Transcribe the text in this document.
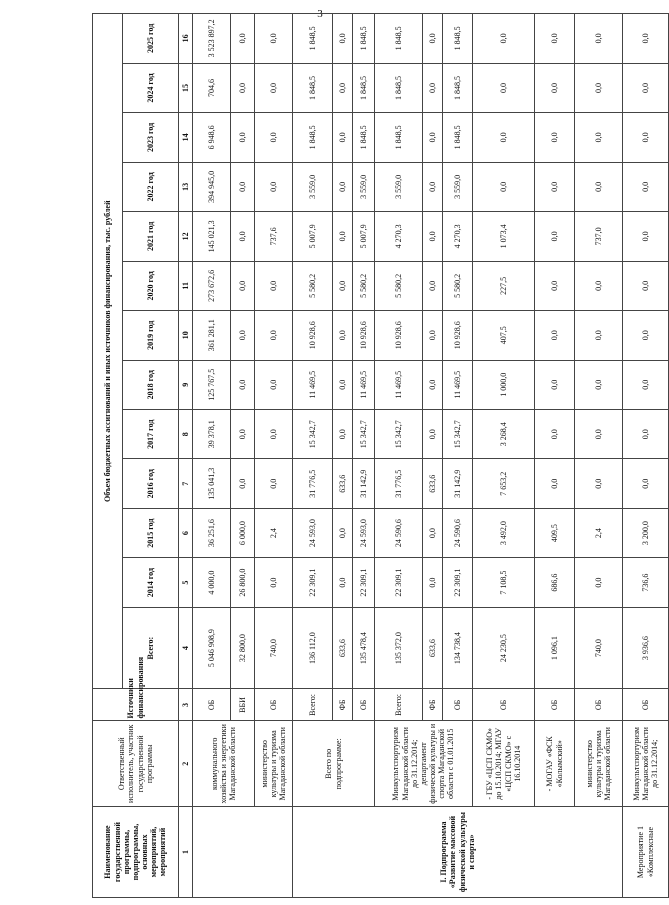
3
Наименование государственной программы, подпрограммы, основных мероприятий, мероприятий	Ответственный исполнитель, участник государственной программы	Источники финансирования	Объем бюджетных ассигнований и иных источников финансирования, тыс. рублей												
			Всего:	2014 год	2015 год	2016 год	2017 год	2018 год	2019 год	2020 год	2021 год	2022 год	2023 год	2024 год	2025 год
1	2	3	4	5	6	7	8	9	10	11	12	13	14	15	16
	коммунального хозяйства и энергетики Магаданской области	ОБ	5 046 908,9	4 000,0	36 251,6	135 041,3	39 378,1	125 767,5	361 281,1	273 672,6	145 021,3	394 945,0	6 948,6	704,6	3 523 897,2
		ВБИ	32 800,0	26 800,0	6 000,0	0,0	0,0	0,0	0,0	0,0	0,0	0,0	0,0	0,0	0,0
	министерство культуры и туризма Магаданской области	ОБ	740,0	0,0	2,4	0,0	0,0	0,0	0,0	0,0	737,6	0,0	0,0	0,0	0,0
I. Подпрограмма «Развитие массовой физической культуры и спорта»	Всего по подпрограмме:	Всего:	136 112,0	22 309,1	24 593,0	31 776,5	15 342,7	11 469,5	10 928,6	5 580,2	5 007,9	3 559,0	1 848,5	1 848,5	1 848,5
		ФБ	633,6	0,0	0,0	633,6	0,0	0,0	0,0	0,0	0,0	0,0	0,0	0,0	0,0
		ОБ	135 478,4	22 309,1	24 593,0	31 142,9	15 342,7	11 469,5	10 928,6	5 580,2	5 007,9	3 559,0	1 848,5	1 848,5	1 848,5
	Минкультспортуризм Магаданской области до 31.12.2014; департамент физической культуры и спорта Магаданской области с 01.01.2015	Всего:	135 372,0	22 309,1	24 590,6	31 776,5	15 342,7	11 469,5	10 928,6	5 580,2	4 270,3	3 559,0	1 848,5	1 848,5	1 848,5
		ФБ	633,6	0,0	0,0	633,6	0,0	0,0	0,0	0,0	0,0	0,0	0,0	0,0	0,0
		ОБ	134 738,4	22 309,1	24 590,6	31 142,9	15 342,7	11 469,5	10 928,6	5 580,2	4 270,3	3 559,0	1 848,5	1 848,5	1 848,5
	- ГБУ «ЦСП СКМО» до 15.10.2014; МГАУ «ЦСП СКМО» с 16.10.2014	ОБ	24 230,5	7 108,5	3 492,0	7 653,2	3 268,4	1 000,0	407,5	227,5	1 073,4	0,0	0,0	0,0	0,0
	- МОГАУ «ФСК «Колымский»	ОБ	1 096,1	686,6	409,5	0,0	0,0	0,0	0,0	0,0	0,0	0,0	0,0	0,0	0,0
	министерство культуры и туризма Магаданской области	ОБ	740,0	0,0	2,4	0,0	0,0	0,0	0,0	0,0	737,0	0,0	0,0	0,0	0,0
Мероприятие 1 «Комплексные	Минкультспортуризм Магаданской области до 31.12.2014;	ОБ	3 936,6	736,6	3 200,0	0,0	0,0	0,0	0,0	0,0	0,0	0,0	0,0	0,0	0,0
